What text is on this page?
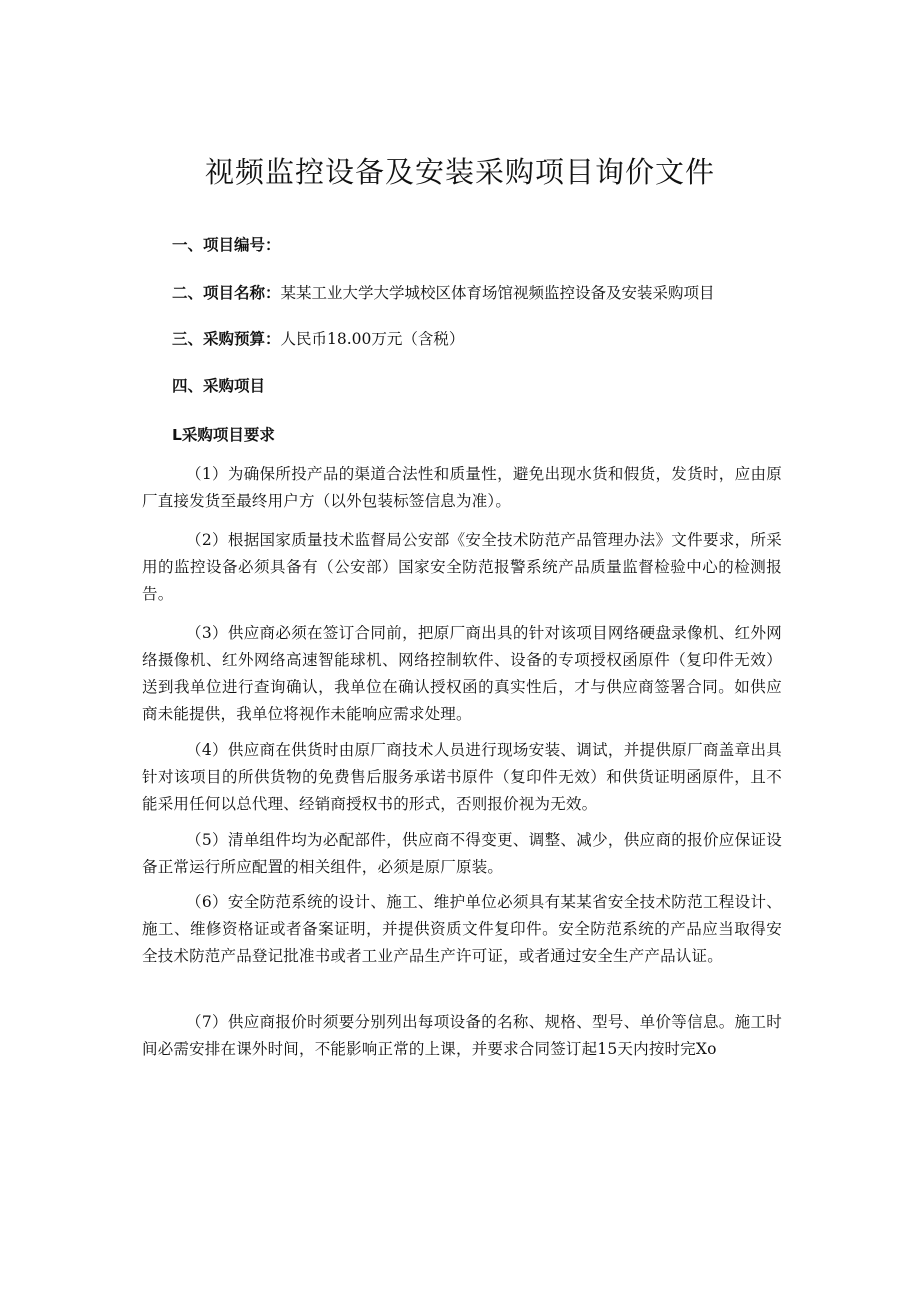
视频监控设备及安装采购项目询价文件
一、项目编号：
二、项目名称：某某工业大学大学城校区体育场馆视频监控设备及安装采购项目
三、采购预算：人民币18.00万元（含税）
四、采购项目
L采购项目要求

（1）为确保所投产品的渠道合法性和质量性，避免出现水货和假货，发货时，应由原厂直接发货至最终用户方（以外包装标签信息为准）。

（2）根据国家质量技术监督局公安部《安全技术防范产品管理办法》文件要求，所采用的监控设备必须具备有（公安部）国家安全防范报警系统产品质量监督检验中心的检测报告。

（3）供应商必须在签订合同前，把原厂商出具的针对该项目网络硬盘录像机、红外网络摄像机、红外网络高速智能球机、网络控制软件、设备的专项授权函原件（复印件无效）送到我单位进行查询确认，我单位在确认授权函的真实性后，才与供应商签署合同。如供应商未能提供，我单位将视作未能响应需求处理。

（4）供应商在供货时由原厂商技术人员进行现场安装、调试，并提供原厂商盖章出具针对该项目的所供货物的免费售后服务承诺书原件（复印件无效）和供货证明函原件，且不能采用任何以总代理、经销商授权书的形式，否则报价视为无效。

（5）清单组件均为必配部件，供应商不得变更、调整、减少，供应商的报价应保证设备正常运行所应配置的相关组件，必须是原厂原装。

（6）安全防范系统的设计、施工、维护单位必须具有某某省安全技术防范工程设计、施工、维修资格证或者备案证明，并提供资质文件复印件。安全防范系统的产品应当取得安全技术防范产品登记批准书或者工业产品生产许可证，或者通过安全生产产品认证。

（7）供应商报价时须要分别列出每项设备的名称、规格、型号、单价等信息。施工时间必需安排在课外时间，不能影响正常的上课，并要求合同签订起15天内按时完Xo
